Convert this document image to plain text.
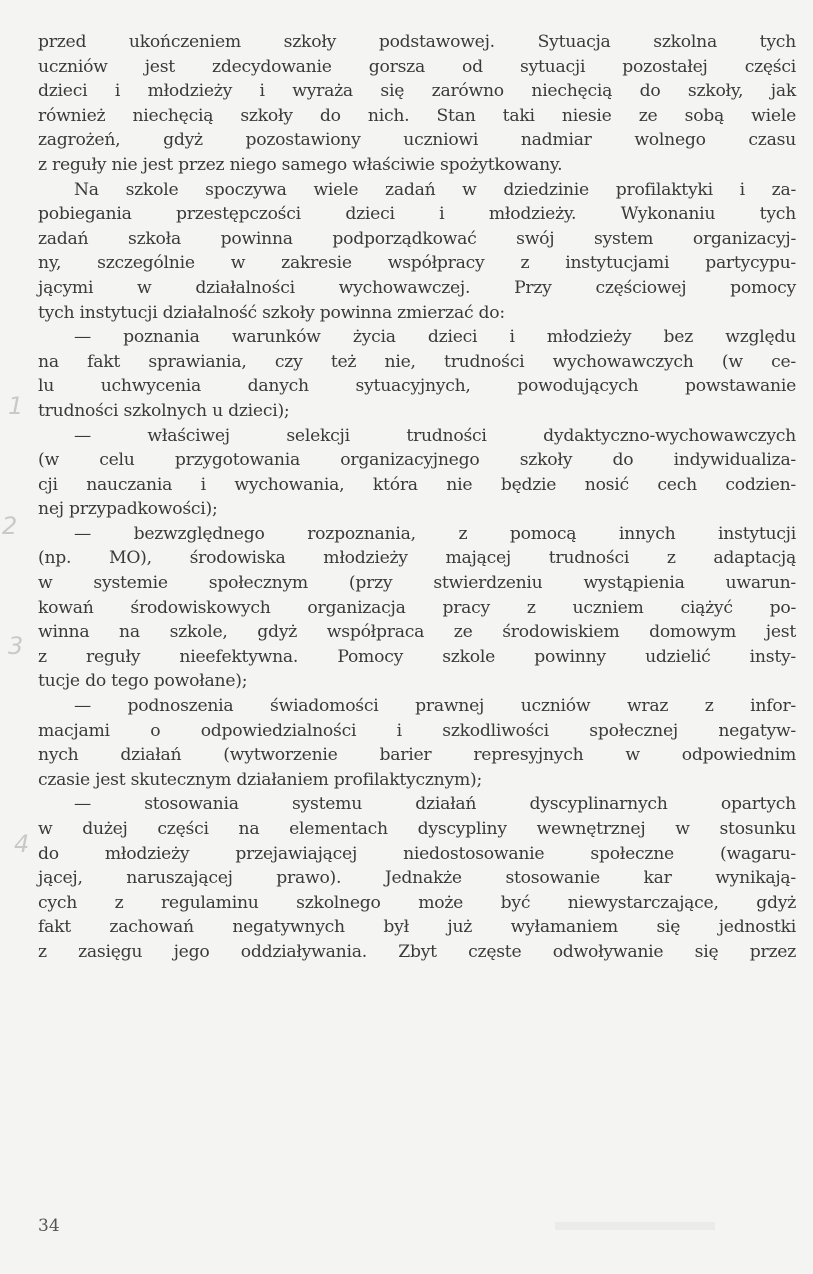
przed ukończeniem szkoły podstawowej. Sytuacja szkolna tych
uczniów jest zdecydowanie gorsza od sytuacji pozostałej części
dzieci i młodzieży i wyraża się zarówno niechęcią do szkoły, jak
również niechęcią szkoły do nich. Stan taki niesie ze sobą wiele
zagrożeń, gdyż pozostawiony uczniowi nadmiar wolnego czasu
z reguły nie jest przez niego samego właściwie spożytkowany.
Na szkole spoczywa wiele zadań w dziedzinie profilaktyki i za-
pobiegania przestępczości dzieci i młodzieży. Wykonaniu tych
zadań szkoła powinna podporządkować swój system organizacyj-
ny, szczególnie w zakresie współpracy z instytucjami partycypu-
jącymi w działalności wychowawczej. Przy częściowej pomocy
tych instytucji działalność szkoły powinna zmierzać do:
— poznania warunków życia dzieci i młodzieży bez względu
na fakt sprawiania, czy też nie, trudności wychowawczych (w ce-
lu uchwycenia danych sytuacyjnych, powodujących powstawanie
trudności szkolnych u dzieci);
— właściwej selekcji trudności dydaktyczno-wychowawczych
(w celu przygotowania organizacyjnego szkoły do indywidualiza-
cji nauczania i wychowania, która nie będzie nosić cech codzien-
nej przypadkowości);
— bezwzględnego rozpoznania, z pomocą innych instytucji
(np. MO), środowiska młodzieży mającej trudności z adaptacją
w systemie społecznym (przy stwierdzeniu wystąpienia uwarun-
kowań środowiskowych organizacja pracy z uczniem ciążyć po-
winna na szkole, gdyż współpraca ze środowiskiem domowym jest
z reguły nieefektywna. Pomocy szkole powinny udzielić insty-
tucje do tego powołane);
— podnoszenia świadomości prawnej uczniów wraz z infor-
macjami o odpowiedzialności i szkodliwości społecznej negatyw-
nych działań (wytworzenie barier represyjnych w odpowiednim
czasie jest skutecznym działaniem profilaktycznym);
— stosowania systemu działań dyscyplinarnych opartych
w dużej części na elementach dyscypliny wewnętrznej w stosunku
do młodzieży przejawiającej niedostosowanie społeczne (wagaru-
jącej, naruszającej prawo). Jednakże stosowanie kar wynikają-
cych z regulaminu szkolnego może być niewystarczające, gdyż
fakt zachowań negatywnych był już wyłamaniem się jednostki
z zasięgu jego oddziaływania. Zbyt częste odwoływanie się przez
1
2
3
4
34
